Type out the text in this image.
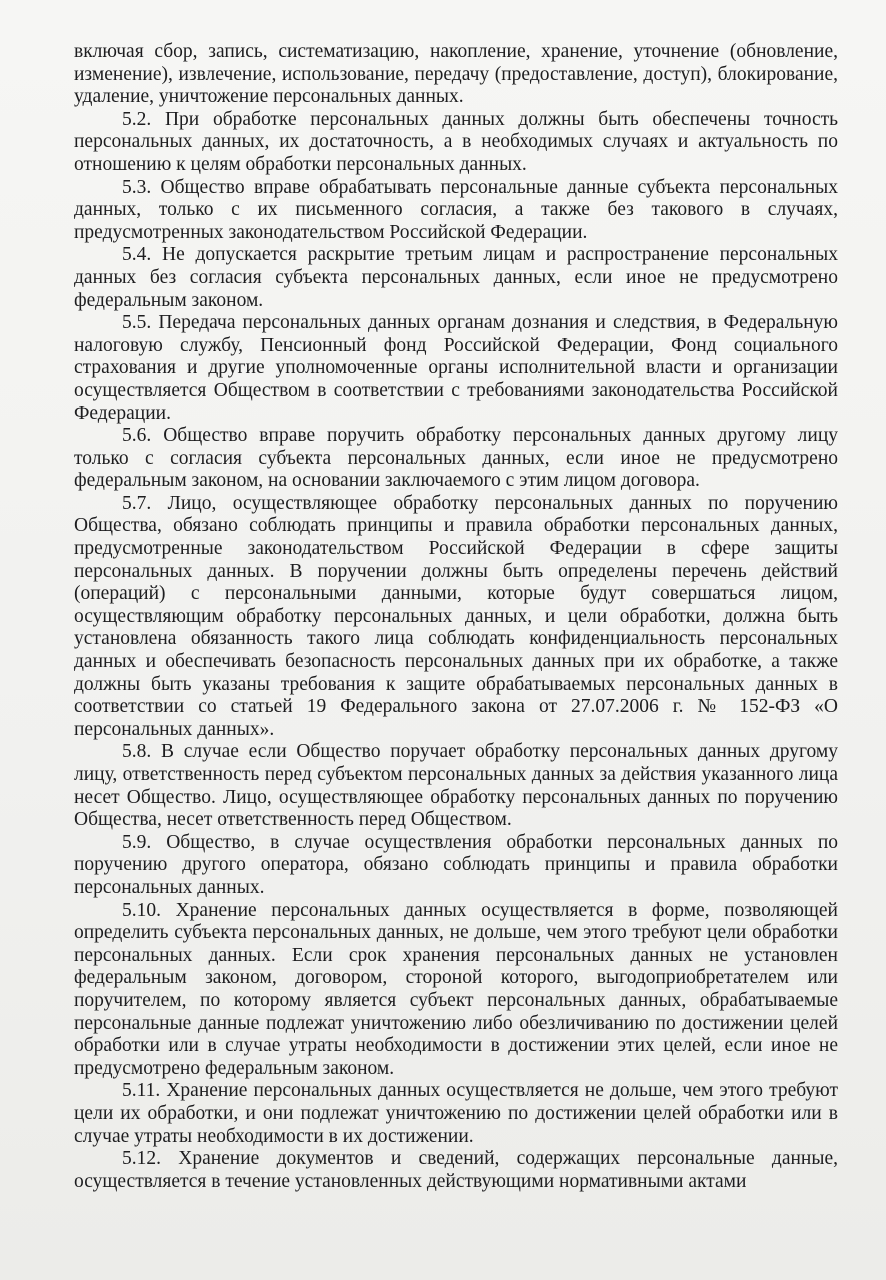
включая сбор, запись, систематизацию, накопление, хранение, уточнение (обновление, изменение), извлечение, использование, передачу (предоставление, доступ), блокирование, удаление, уничтожение персональных данных.

5.2. При обработке персональных данных должны быть обеспечены точность персональных данных, их достаточность, а в необходимых случаях и актуальность по отношению к целям обработки персональных данных.

5.3. Общество вправе обрабатывать персональные данные субъекта персональных данных, только с их письменного согласия, а также без такового в случаях, предусмотренных законодательством Российской Федерации.

5.4. Не допускается раскрытие третьим лицам и распространение персональных данных без согласия субъекта персональных данных, если иное не предусмотрено федеральным законом.

5.5. Передача персональных данных органам дознания и следствия, в Федеральную налоговую службу, Пенсионный фонд Российской Федерации, Фонд социального страхования и другие уполномоченные органы исполнительной власти и организации осуществляется Обществом в соответствии с требованиями законодательства Российской Федерации.

5.6. Общество вправе поручить обработку персональных данных другому лицу только с согласия субъекта персональных данных, если иное не предусмотрено федеральным законом, на основании заключаемого с этим лицом договора.

5.7. Лицо, осуществляющее обработку персональных данных по поручению Общества, обязано соблюдать принципы и правила обработки персональных данных, предусмотренные законодательством Российской Федерации в сфере защиты персональных данных. В поручении должны быть определены перечень действий (операций) с персональными данными, которые будут совершаться лицом, осуществляющим обработку персональных данных, и цели обработки, должна быть установлена обязанность такого лица соблюдать конфиденциальность персональных данных и обеспечивать безопасность персональных данных при их обработке, а также должны быть указаны требования к защите обрабатываемых персональных данных в соответствии со статьей 19 Федерального закона от 27.07.2006 г. № 152-ФЗ «О персональных данных».

5.8. В случае если Общество поручает обработку персональных данных другому лицу, ответственность перед субъектом персональных данных за действия указанного лица несет Общество. Лицо, осуществляющее обработку персональных данных по поручению Общества, несет ответственность перед Обществом.

5.9. Общество, в случае осуществления обработки персональных данных по поручению другого оператора, обязано соблюдать принципы и правила обработки персональных данных.

5.10. Хранение персональных данных осуществляется в форме, позволяющей определить субъекта персональных данных, не дольше, чем этого требуют цели обработки персональных данных. Если срок хранения персональных данных не установлен федеральным законом, договором, стороной которого, выгодоприобретателем или поручителем, по которому является субъект персональных данных, обрабатываемые персональные данные подлежат уничтожению либо обезличиванию по достижении целей обработки или в случае утраты необходимости в достижении этих целей, если иное не предусмотрено федеральным законом.

5.11. Хранение персональных данных осуществляется не дольше, чем этого требуют цели их обработки, и они подлежат уничтожению по достижении целей обработки или в случае утраты необходимости в их достижении.

5.12. Хранение документов и сведений, содержащих персональные данные, осуществляется в течение установленных действующими нормативными актами
